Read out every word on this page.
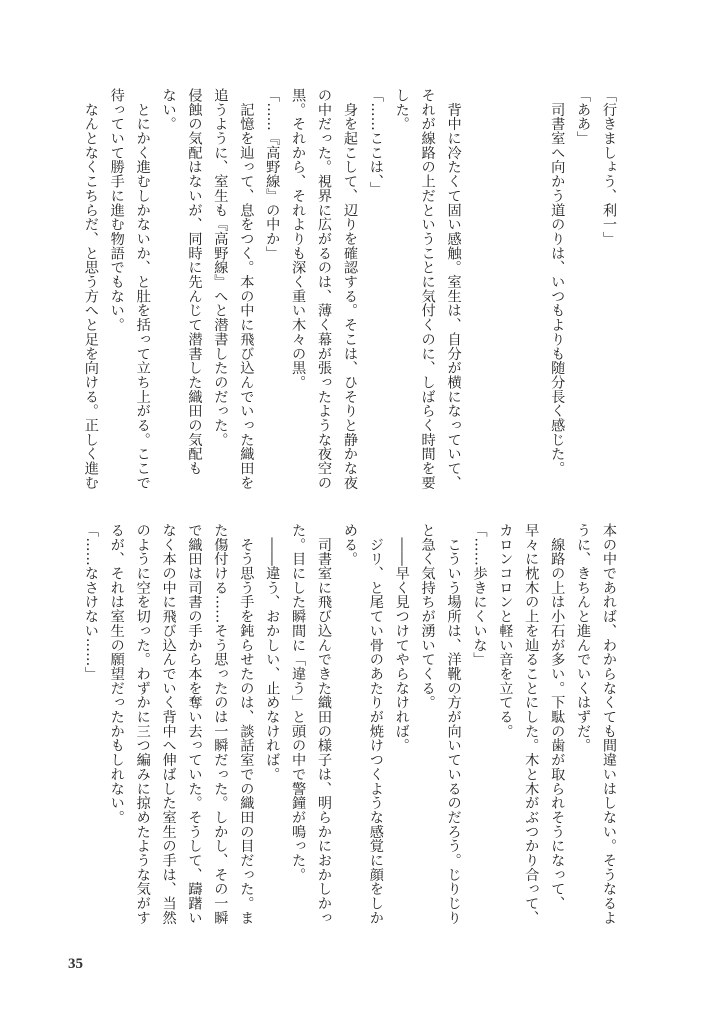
「行きましょう、利一」
「ああ」
　司書室へ向かう道のりは、いつもよりも随分長く感じた。
　背中に冷たくて固い感触。室生は、自分が横になっていて、
それが線路の上だということに気付くのに、しばらく時間を要
した。
「……ここは、」
　身を起こして、辺りを確認する。そこは、ひそりと静かな夜
の中だった。視界に広がるのは、薄く幕が張ったような夜空の
黒。それから、それよりも深く重い木々の黒。
「……『高野線』の中か」
　記憶を辿って、息をつく。本の中に飛び込んでいった織田を
追うように、室生も『高野線』へと潜書したのだった。
侵蝕の気配はないが、同時に先んじて潜書した織田の気配も
ない。
　とにかく進むしかないか、と肚を括って立ち上がる。ここで
待っていて勝手に進む物語でもない。
　なんとなくこちらだ、と思う方へと足を向ける。正しく進む
本の中であれば、わからなくても間違いはしない。そうなるよ
うに、きちんと進んでいくはずだ。
　線路の上は小石が多い。下駄の歯が取られそうになって、
早々に枕木の上を辿ることにした。木と木がぶつかり合って、
カロンコロンと軽い音を立てる。
「……歩きにくいな」
　こういう場所は、洋靴の方が向いているのだろう。じりじり
と急く気持ちが湧いてくる。
　――早く見つけてやらなければ。
　ジリ、と尾てい骨のあたりが焼けつくような感覚に顔をしか
める。
　司書室に飛び込んできた織田の様子は、明らかにおかしかっ
た。目にした瞬間に「違う」と頭の中で警鐘が鳴った。
　――違う、おかしい、止めなければ。
　そう思う手を鈍らせたのは、談話室での織田の目だった。ま
た傷付ける……そう思ったのは一瞬だった。しかし、その一瞬
で織田は司書の手から本を奪い去っていた。そうして、躊躇い
なく本の中に飛び込んでいく背中へ伸ばした室生の手は、当然
のように空を切った。わずかに三つ編みに掠めたような気がす
るが、それは室生の願望だったかもしれない。
「……なさけない……」
35
